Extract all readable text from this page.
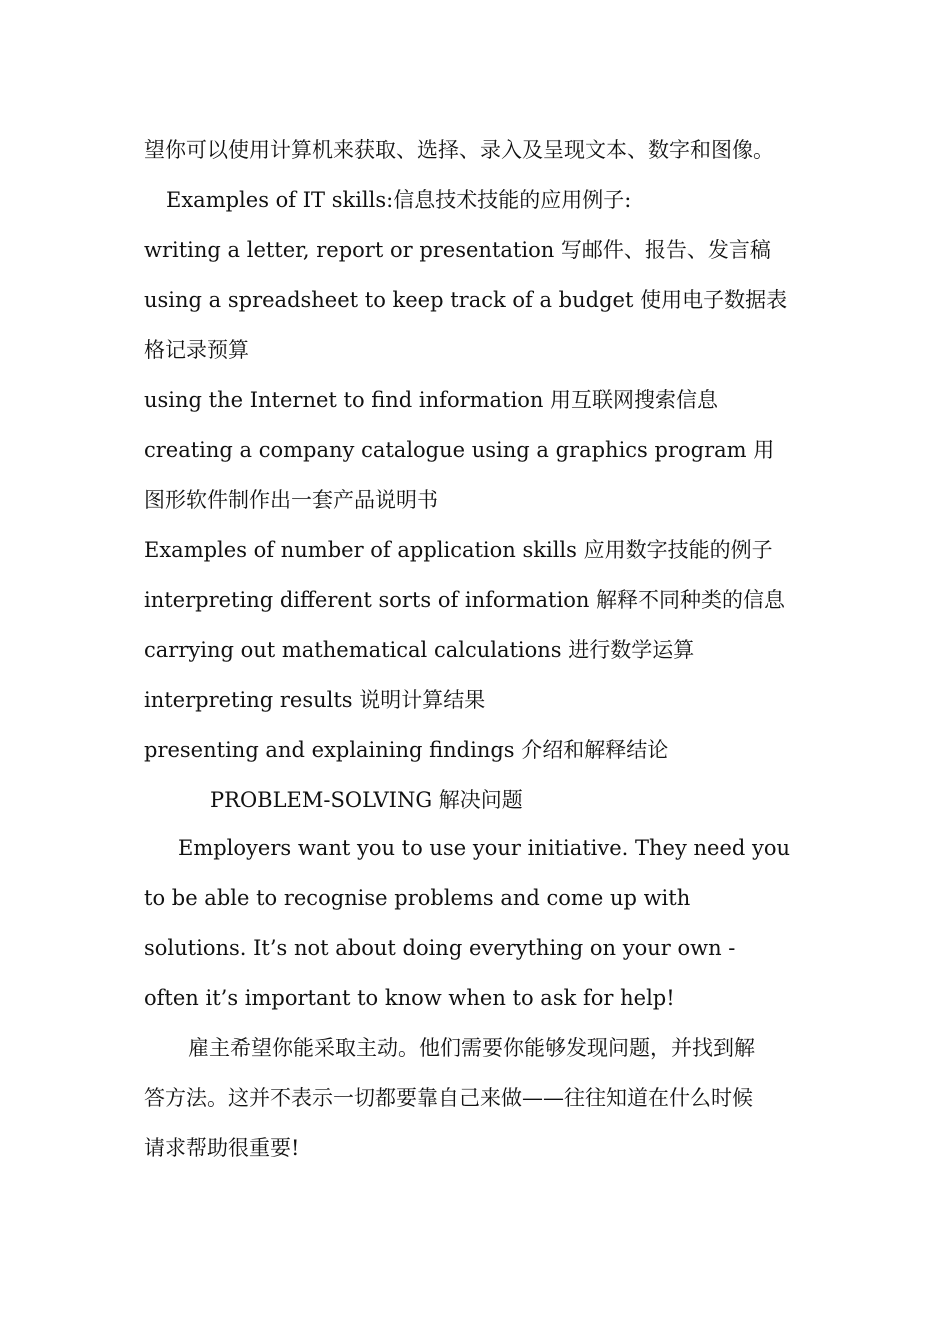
望你可以使用计算机来获取、选择、录入及呈现文本、数字和图像。
Examples of IT skills:信息技术技能的应用例子:
writing a letter, report or presentation 写邮件、报告、发言稿
using a spreadsheet to keep track of a budget 使用电子数据表
格记录预算
using the Internet to find information 用互联网搜索信息
creating a company catalogue using a graphics program 用
图形软件制作出一套产品说明书
Examples of number of application skills 应用数字技能的例子
interpreting different sorts of information 解释不同种类的信息
carrying out mathematical calculations 进行数学运算
interpreting results 说明计算结果
presenting and explaining findings 介绍和解释结论
PROBLEM-SOLVING 解决问题
Employers want you to use your initiative. They need you
to be able to recognise problems and come up with
solutions. It’s not about doing everything on your own -
often it’s important to know when to ask for help!
雇主希望你能采取主动。他们需要你能够发现问题，并找到解
答方法。这并不表示一切都要靠自己来做——往往知道在什么时候
请求帮助很重要!
